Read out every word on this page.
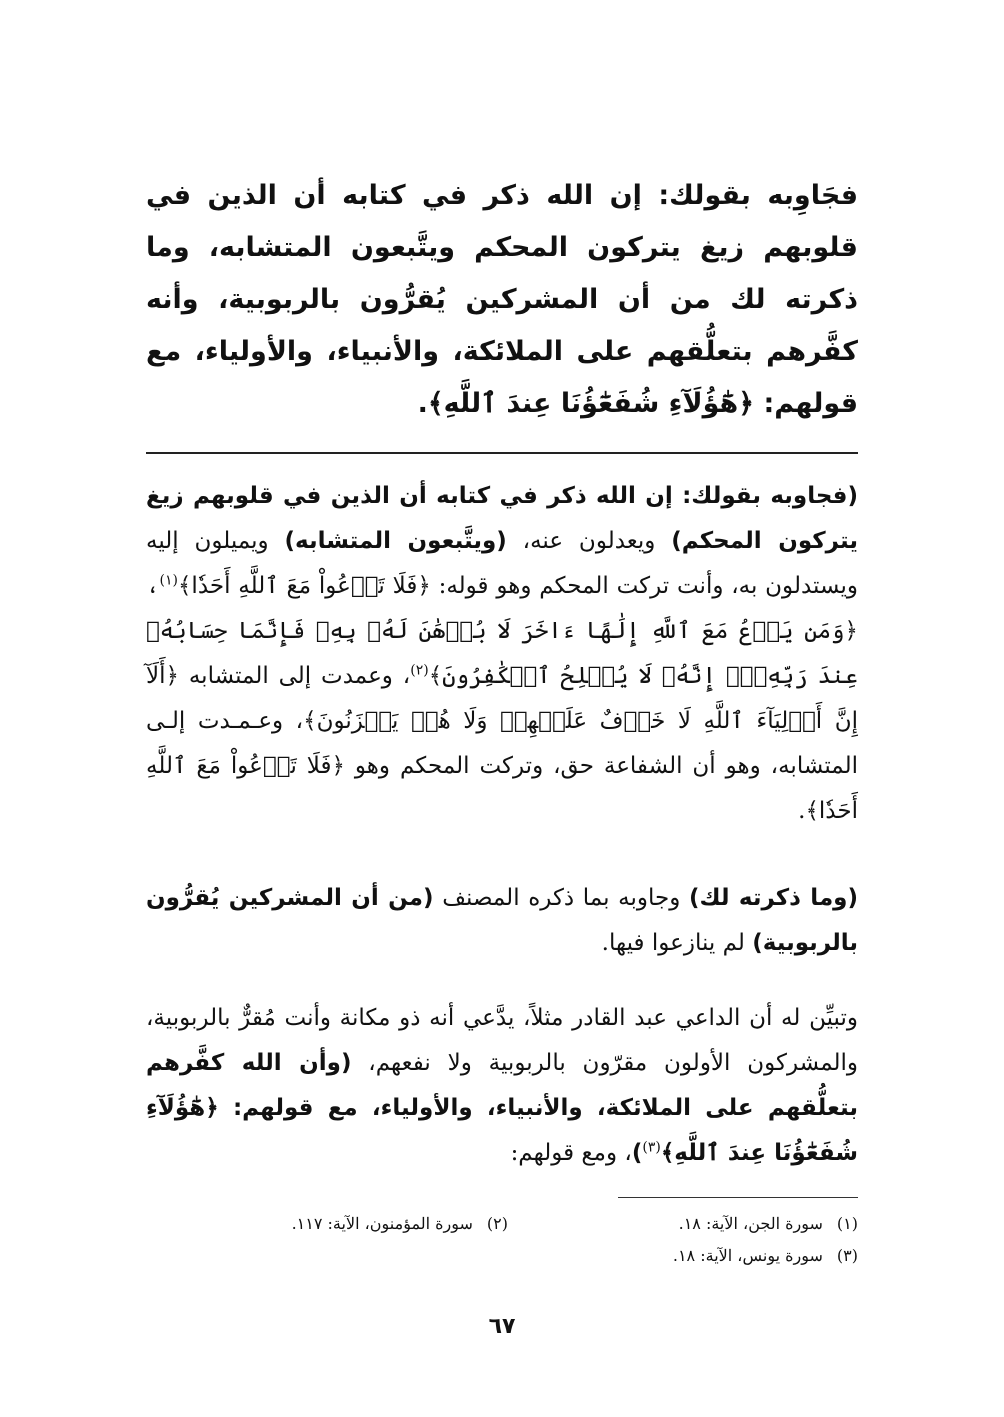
فجَاوِبه بقولك: إن الله ذكر في كتابه أن الذين في قلوبهم زيغ يتركون المحكم ويتَّبعون المتشابه، وما ذكرته لك من أن المشركين يُقرُّون بالربوبية، وأنه كفَّرهم بتعلُّقهم على الملائكة، والأنبياء، والأولياء، مع قولهم: ﴿هَٰٓؤُلَآءِ شُفَعَٰٓؤُنَا عِندَ ٱللَّهِ﴾.

(فجاوبه بقولك: إن الله ذكر في كتابه أن الذين في قلوبهم زيغ يتركون المحكم) ويعدلون عنه، (ويتَّبعون المتشابه) ويميلون إليه ويستدلون به، وأنت تركت المحكم وهو قوله: ﴿فَلَا تَدۡعُواْ مَعَ ٱللَّهِ أَحَدٗا﴾$^{(١)}$، ﴿وَمَن يَدۡعُ مَعَ ٱللَّهِ إِلَٰهًا ءَاخَرَ لَا بُرۡهَٰنَ لَهُۥ بِهِۦ فَإِنَّمَا حِسَابُهُۥ عِندَ رَبِّهِۦٓۚ إِنَّهُۥ لَا يُفۡلِحُ ٱلۡكَٰفِرُونَ﴾$^{(٢)}$، وعمدت إلى المتشابه ﴿أَلَآ إِنَّ أَوۡلِيَآءَ ٱللَّهِ لَا خَوۡفٌ عَلَيۡهِمۡ وَلَا هُمۡ يَحۡزَنُونَ﴾، وعـمـدت إلـى المتشابه، وهو أن الشفاعة حق، وتركت المحكم وهو ﴿فَلَا تَدۡعُواْ مَعَ ٱللَّهِ أَحَدٗا﴾.

(وما ذكرته لك) وجاوبه بما ذكره المصنف (من أن المشركين يُقرُّون بالربوبية) لم ينازعوا فيها.

وتبيِّن له أن الداعي عبد القادر مثلاً، يدَّعي أنه ذو مكانة وأنت مُقرٌّ بالربوبية، والمشركون الأولون مقرّون بالربوبية ولا نفعهم، (وأن الله كفَّرهم بتعلُّقهم على الملائكة، والأنبياء، والأولياء، مع قولهم: ﴿هَٰٓؤُلَآءِ شُفَعَٰٓؤُنَا عِندَ ٱللَّهِ﴾$^{(٣)}$)، ومع قولهم:

(١)سورة الجن، الآية: ١٨.
(٢)سورة المؤمنون، الآية: ١١٧.
(٣)سورة يونس، الآية: ١٨.
٦٧
